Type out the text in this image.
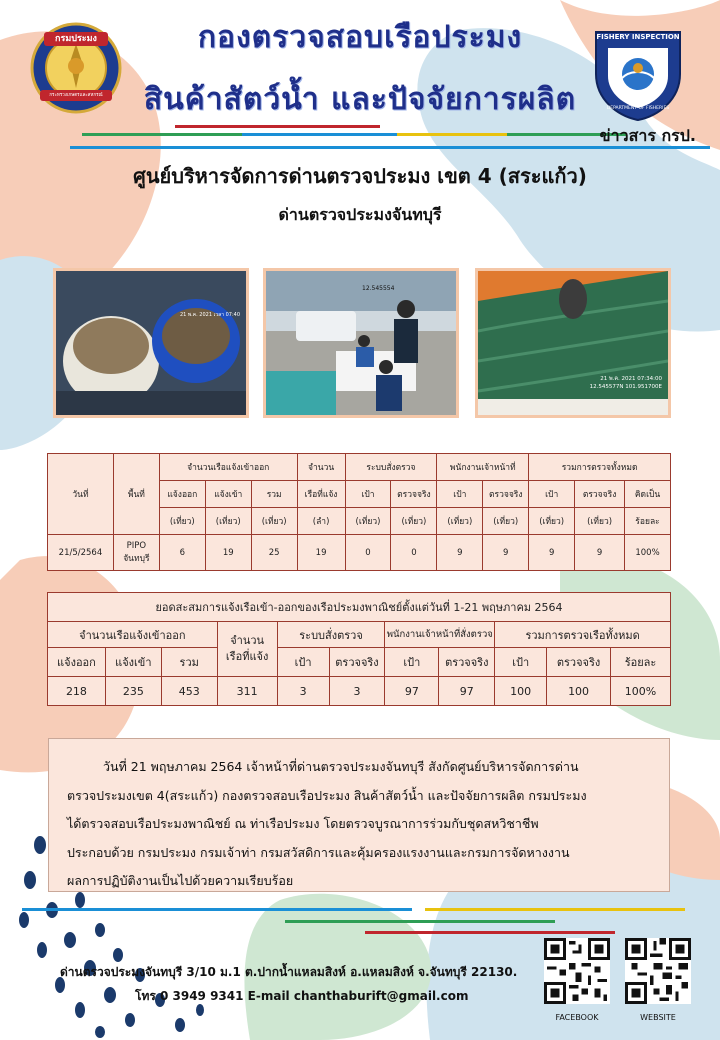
กรมประมง
กระทรวงเกษตรและสหกรณ์
FISHERY INSPECTION
DEPARTMENT OF FISHERIES
กองตรวจสอบเรือประมง
สินค้าสัตว์น้ำ และปัจจัยการผลิต
ข่าวสาร กรป.
ศูนย์บริหารจัดการด่านตรวจประมง เขต 4 (สระแก้ว)
ด่านตรวจประมงจันทบุรี
21 พ.ค. 2021 เวลา 07:40
12.545554
21 พ.ค. 2021 07:34:00 12.545577N 101.951700E
วันที่	พื้นที่	จำนวนเรือแจ้งเข้าออก			จำนวน	ระบบสั่งตรวจ		พนักงานเจ้าหน้าที่		รวมการตรวจทั้งหมด		
		แจ้งออก	แจ้งเข้า	รวม	เรือที่แจ้ง	เป้า	ตรวจจริง	เป้า	ตรวจจริง	เป้า	ตรวจจริง	คิดเป็น
		(เที่ยว)	(เที่ยว)	(เที่ยว)	(ลำ)	(เที่ยว)	(เที่ยว)	(เที่ยว)	(เที่ยว)	(เที่ยว)	(เที่ยว)	ร้อยละ
21/5/2564	PIPO จันทบุรี	6	19	25	19	0	0	9	9	9	9	100%
ยอดสะสมการแจ้งเรือเข้า-ออกของเรือประมงพาณิชย์ตั้งแต่วันที่ 1-21 พฤษภาคม 2564										
จำนวนเรือแจ้งเข้าออก			จำนวนเรือที่แจ้ง	ระบบสั่งตรวจ		พนักงานเจ้าหน้าที่สั่งตรวจ		รวมการตรวจเรือทั้งหมด		
แจ้งออก	แจ้งเข้า	รวม		เป้า	ตรวจจริง	เป้า	ตรวจจริง	เป้า	ตรวจจริง	ร้อยละ
218	235	453	311	3	3	97	97	100	100	100%

วันที่ 21 พฤษภาคม 2564 เจ้าหน้าที่ด่านตรวจประมงจันทบุรี สังกัดศูนย์บริหารจัดการด่าน

ตรวจประมงเขต 4(สระแก้ว) กองตรวจสอบเรือประมง สินค้าสัตว์น้ำ และปัจจัยการผลิต กรมประมง

ได้ตรวจสอบเรือประมงพาณิชย์ ณ ท่าเรือประมง โดยตรวจบูรณาการร่วมกับชุดสหวิชาชีพ

ประกอบด้วย กรมประมง กรมเจ้าท่า กรมสวัสดิการและคุ้มครองแรงงานและกรมการจัดหางงาน

ผลการปฏิบัติงานเป็นไปด้วยความเรียบร้อย

ด่านตรวจประมงจันทบุรี 3/10 ม.1 ต.ปากน้ำแหลมสิงห์ อ.แหลมสิงห์ จ.จันทบุรี 22130.
โทร 0 3949 9341 E-mail chanthaburift@gmail.com
FACEBOOK	WEBSITE
